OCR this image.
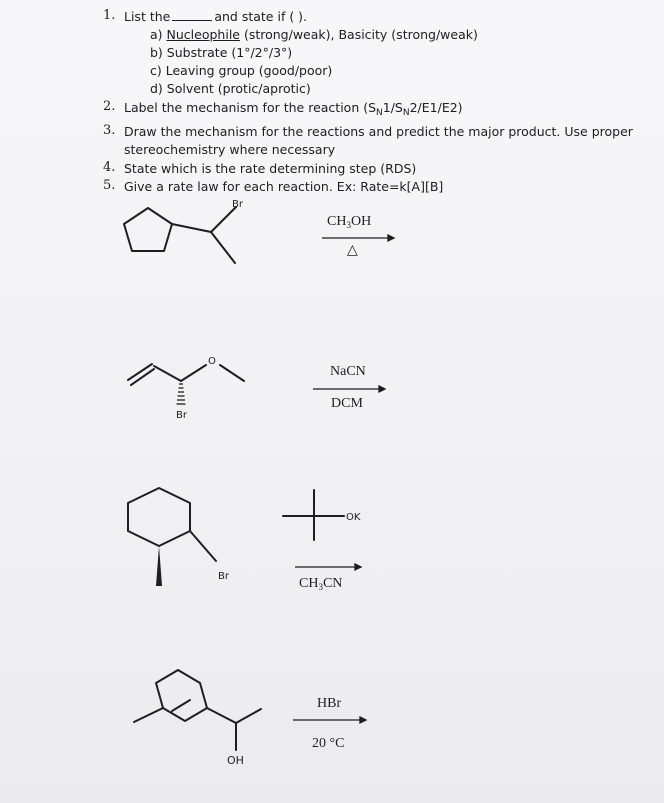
1. List the	and state if ( ).
a) Nucleophile (strong/weak), Basicity (strong/weak)
b) Substrate (1°/2°/3°)
c) Leaving group (good/poor)
d) Solvent (protic/aprotic)
2. Label the mechanism for the reaction $(S_N1/S_N2/E1/E2)$
3. Draw the mechanism for the reactions and predict the major product. Use proper
stereochemistry where necessary
4. State which is the rate determining step (RDS)
5. Give a rate law for each reaction. Ex: Rate=k[A][B]
Br
$CH_3OH$
△
O
Br
NaCN
DCM
Br
OK
$CH_3CN$
OH
HBr
20 °C
